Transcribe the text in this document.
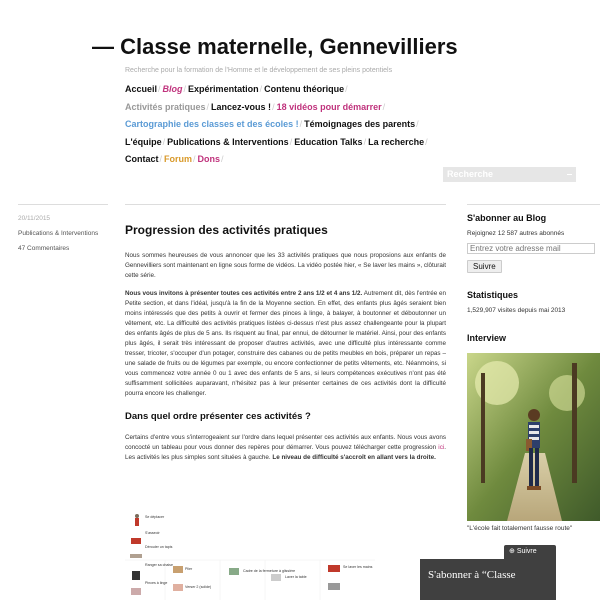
— Classe maternelle, Gennevilliers
Recherche pour la formation de l'Homme et le développement de ses pleins potentiels
Accueil/ Blog/ Expérimentation/ Contenu théorique/
Activités pratiques/ Lancez-vous !/ 18 vidéos pour démarrer/
Cartographie des classes et des écoles !/ Témoignages des parents/
L'équipe/ Publications & Interventions/ Education Talks/ La recherche/
Contact/ Forum/ Dons/
Recherche
20/11/2015
Publications & Interventions
47 Commentaires
Progression des activités pratiques

Nous sommes heureuses de vous annoncer que les 33 activités pratiques que nous proposions aux enfants de Gennevilliers sont maintenant en ligne sous forme de vidéos. La vidéo postée hier, « Se laver les mains », clôturait cette série.

Nous vous invitons à présenter toutes ces activités entre 2 ans 1/2 et 4 ans 1/2. Autrement dit, dès l'entrée en Petite section, et dans l'idéal, jusqu'à la fin de la Moyenne section. En effet, des enfants plus âgés seraient bien moins intéressés que des petits à ouvrir et fermer des pinces à linge, à balayer, à boutonner et déboutonner un vêtement, etc. La difficulté des activités pratiques listées ci-dessus n'est plus assez challengeante pour la plupart des enfants âgés de plus de 5 ans. Ils risquent au final, par ennui, de détourner le matériel. Ainsi, pour des enfants plus âgés, il serait très intéressant de proposer d'autres activités, avec une difficulté plus intéressante comme tresser, tricoter, s'occuper d'un potager, construire des cabanes ou de petits meubles en bois, préparer un repas – une salade de fruits ou de légumes par exemple, ou encore confectionner de petits vêtements, etc. Néanmoins, si vous commencez votre année 0 ou 1 avec des enfants de 5 ans, si leurs compétences exécutives n'ont pas été suffisamment sollicitées auparavant, n'hésitez pas à leur présenter certaines de ces activités dont la difficulté pourra encore les challenger.

Dans quel ordre présenter ces activités ?

Certains d'entre vous s'interrogeaient sur l'ordre dans lequel présenter ces activités aux enfants. Nous vous avons concocté un tableau pour vous donner des repères pour démarrer. Vous pouvez télécharger cette progression ici. Les activités les plus simples sont situées à gauche. Le niveau de difficulté s'accroît en allant vers la droite.

Se déplacer
S'asseoir
Dérouler un tapis
Ranger sa chaise
Pinces à linge
Plier
Verser 2 (solide)
Cadre de la fermeture à glissière
Laver la table
Se laver les mains
S'abonner au Blog
Rejoignez 12 587 autres abonnés
Entrez votre adresse mail
Suivre
Statistiques
1,529,907 visites depuis mai 2013
Interview
"L'école fait totalement fausse route"
⊕ Suivre
S'abonner à “Classe
